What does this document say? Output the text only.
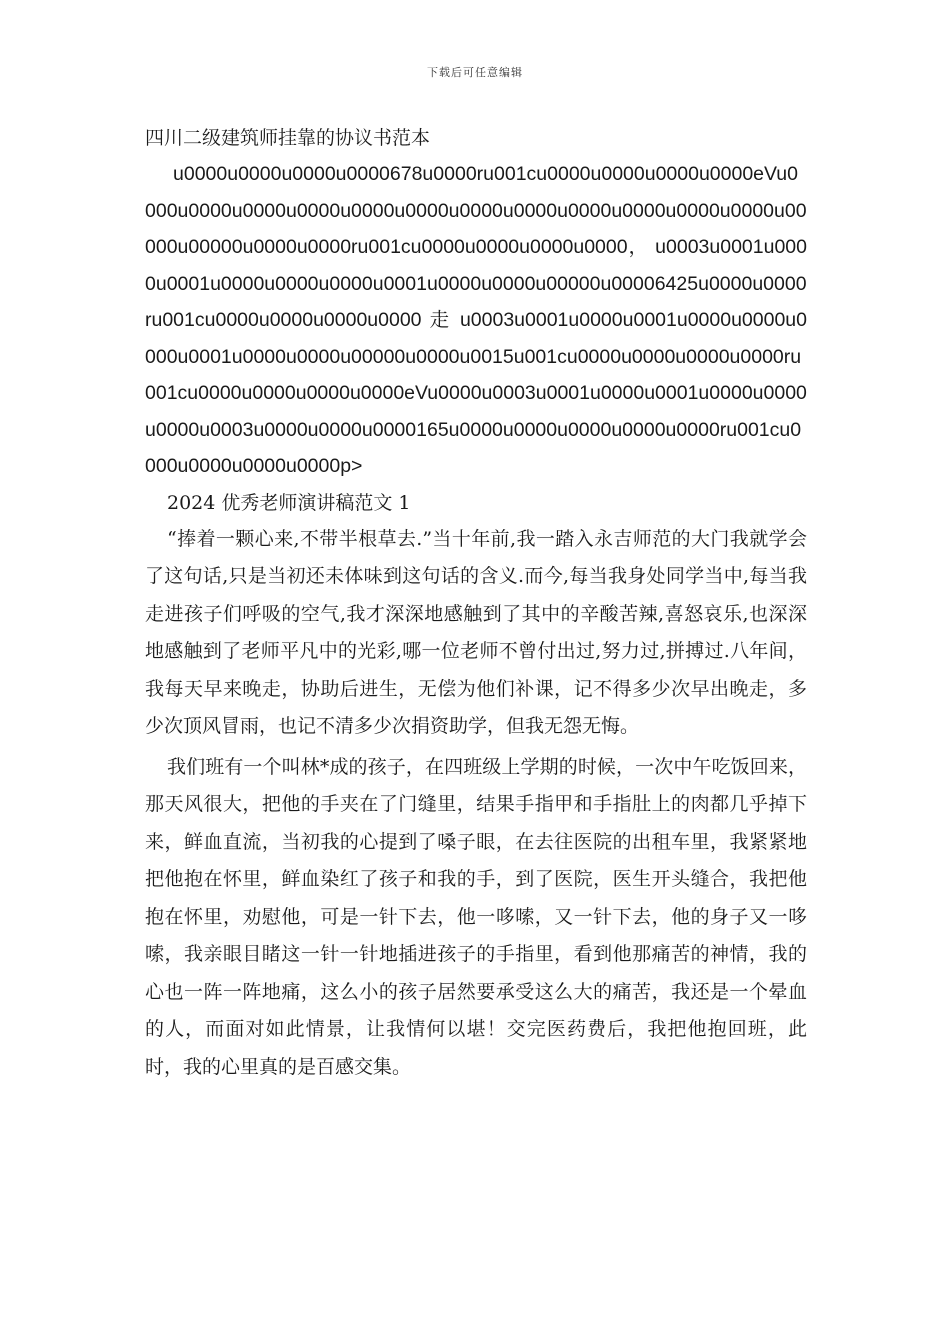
下载后可任意编辑
四川二级建筑师挂靠的协议书范本

u0000u0000u0000u0000678u0000ru001cu0000u0000u0000u0000eVu0000u0000u0000u0000u0000u0000u0000u0000u0000u0000u0000u0000u00000u00000u0000u0000ru001cu0000u0000u0000u0000， u0003u0001u0000u0001u0000u0000u0000u0001u0000u0000u00000u00006425u0000u0000ru001cu0000u0000u0000u0000 走 u0003u0001u0000u0001u0000u0000u0000u0001u0000u0000u00000u0000u0015u001cu0000u0000u0000u0000ru001cu0000u0000u0000u0000eVu0000u0003u0001u0000u0001u0000u0000u0000u0003u0000u0000u0000165u0000u0000u0000u0000u0000ru001cu0000u0000u0000u0000p>

2024 优秀老师演讲稿范文 1

“捧着一颗心来,不带半根草去.”当十年前,我一踏入永吉师范的大门我就学会了这句话,只是当初还未体味到这句话的含义.而今,每当我身处同学当中,每当我走进孩子们呼吸的空气,我才深深地感触到了其中的辛酸苦辣,喜怒哀乐,也深深地感触到了老师平凡中的光彩,哪一位老师不曾付出过,努力过,拼搏过.八年间，我每天早来晚走，协助后进生，无偿为他们补课，记不得多少次早出晚走，多少次顶风冒雨，也记不清多少次捐资助学，但我无怨无悔。

我们班有一个叫林*成的孩子，在四班级上学期的时候，一次中午吃饭回来，那天风很大，把他的手夹在了门缝里，结果手指甲和手指肚上的肉都几乎掉下来，鲜血直流，当初我的心提到了嗓子眼，在去往医院的出租车里，我紧紧地把他抱在怀里，鲜血染红了孩子和我的手，到了医院，医生开头缝合，我把他抱在怀里，劝慰他，可是一针下去，他一哆嗦，又一针下去，他的身子又一哆嗦，我亲眼目睹这一针一针地插进孩子的手指里，看到他那痛苦的神情，我的心也一阵一阵地痛，这么小的孩子居然要承受这么大的痛苦，我还是一个晕血的人，而面对如此情景，让我情何以堪！交完医药费后，我把他抱回班，此时，我的心里真的是百感交集。
